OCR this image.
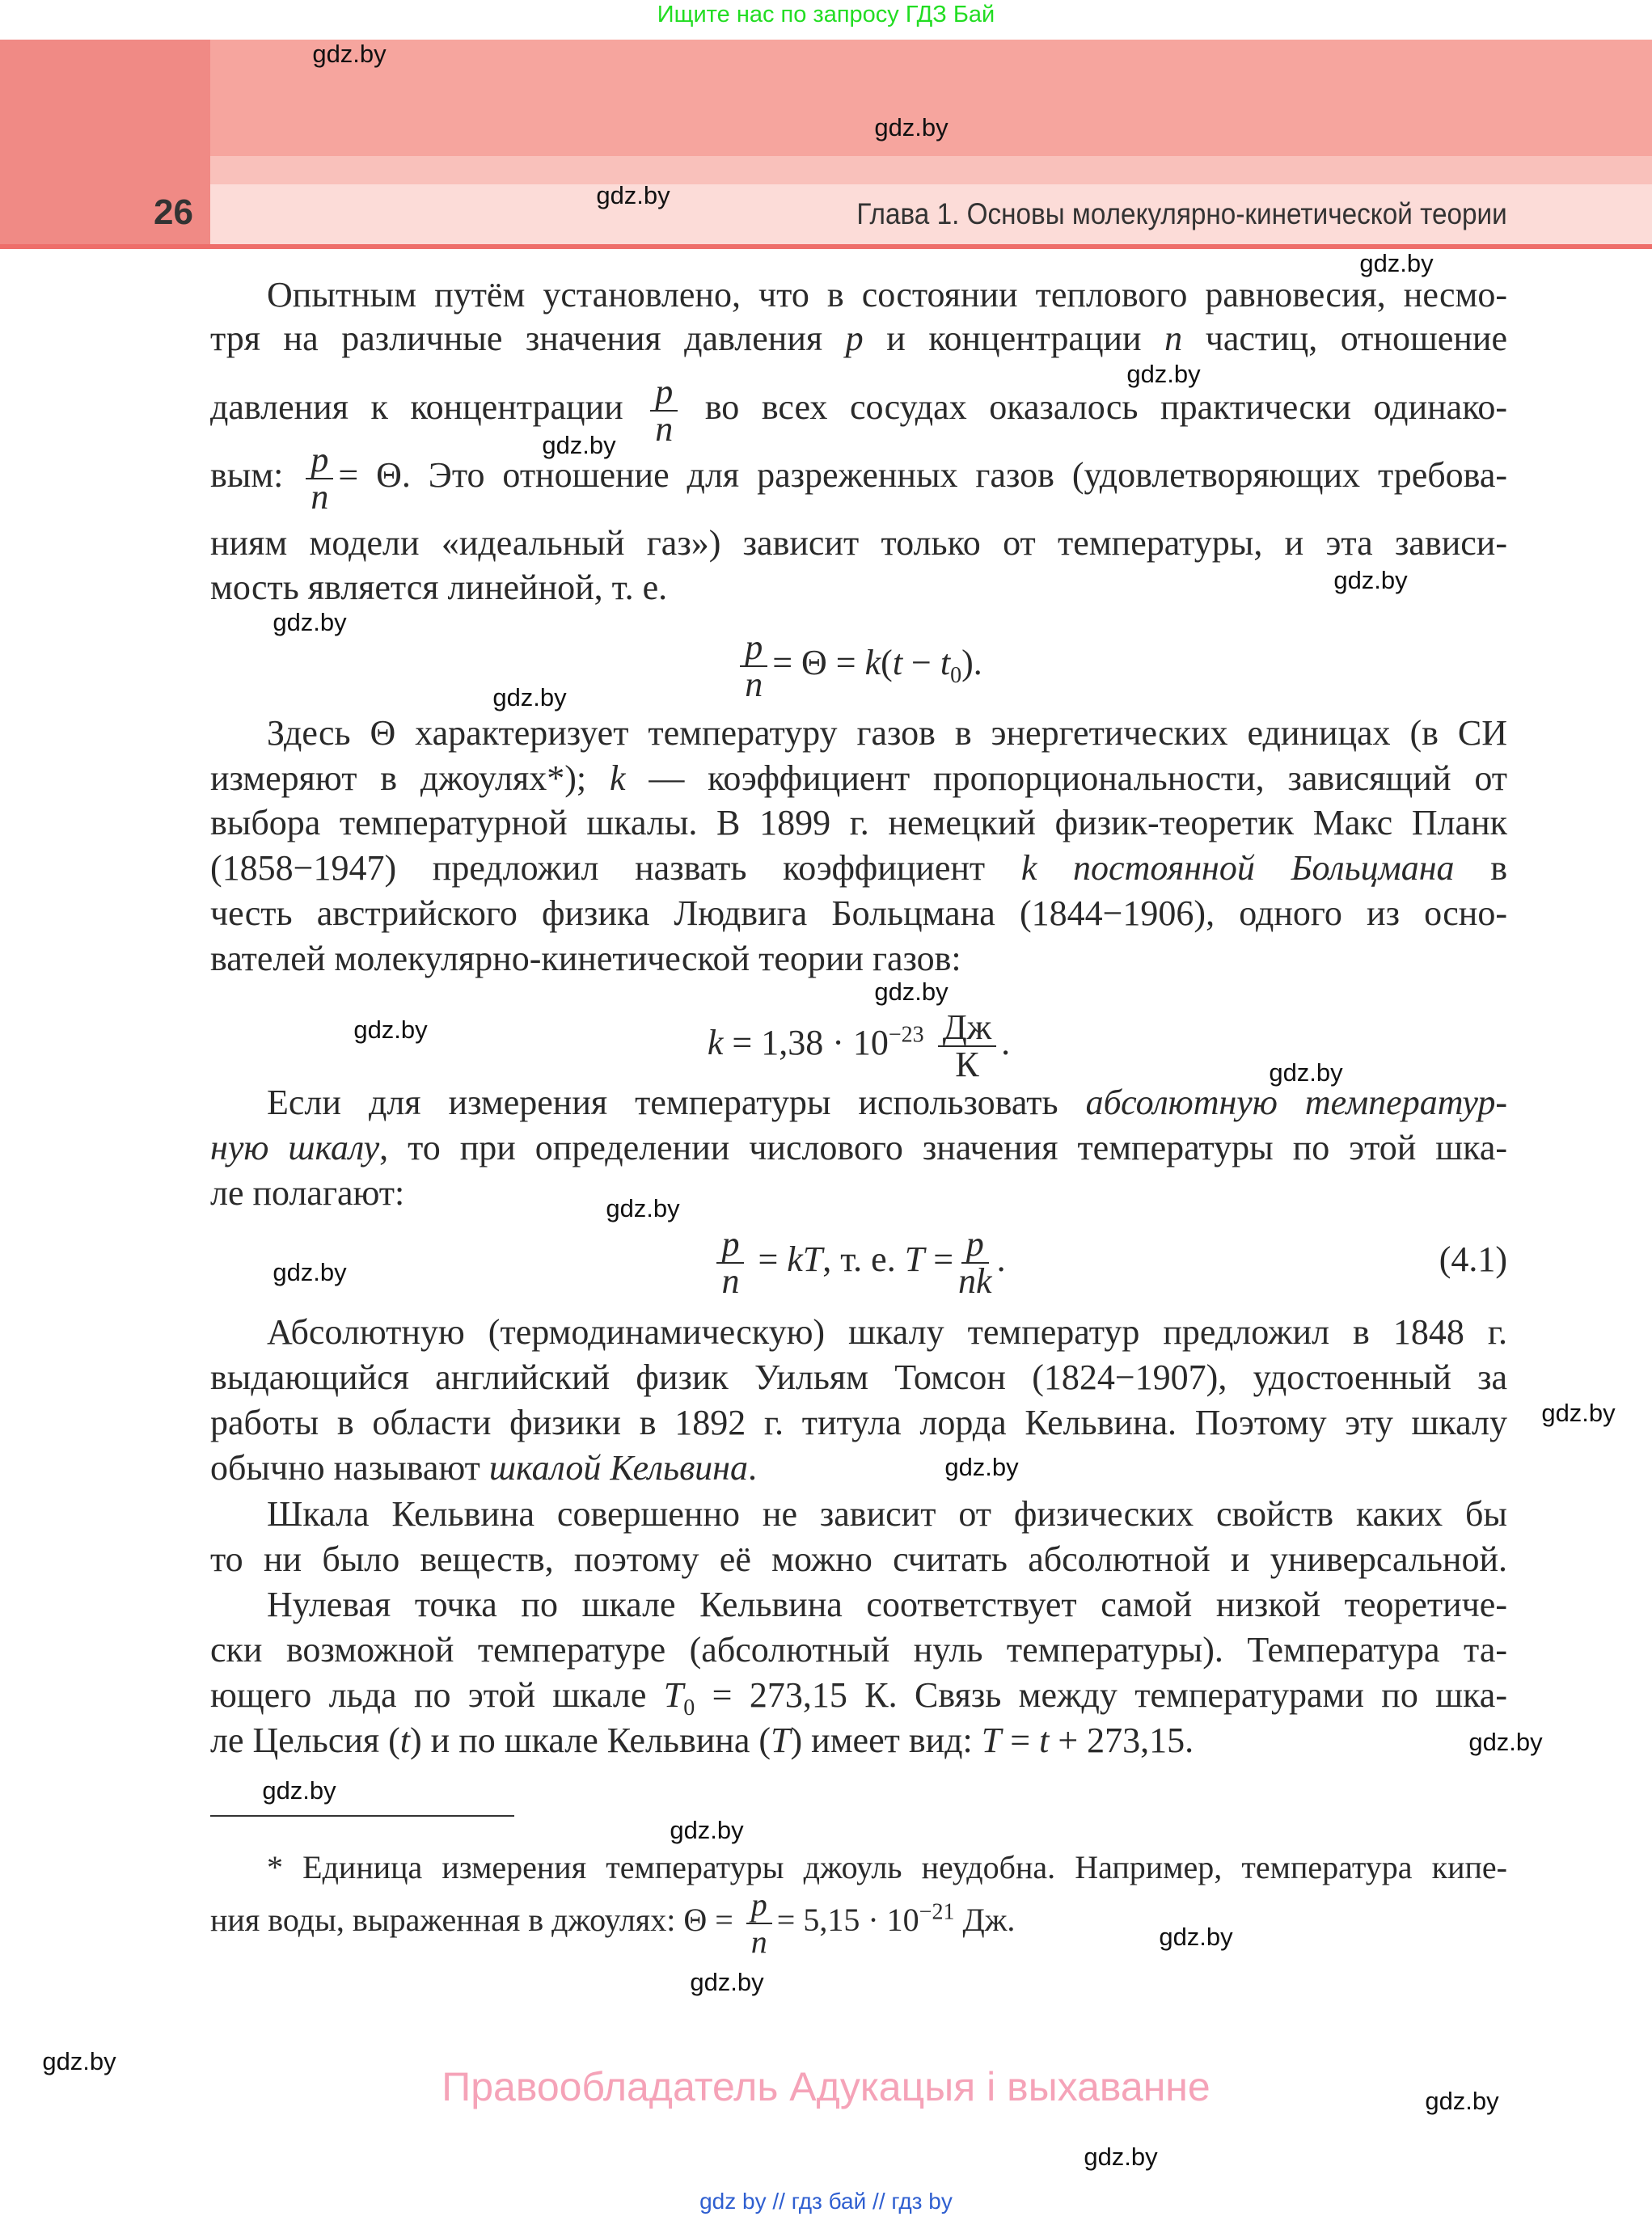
Ищите нас по запросу ГДЗ Бай
26	Глава 1. Основы молекулярно-кинетической теории
Опытным путём установлено, что в состоянии теплового равновесия, несмо-
тря на различные значения давления p и концентрации n частиц, отношение
давления к концентрации $\frac{p}{n}$ во всех сосудах оказалось практически одинако-
вым: $\frac{p}{n} = \Theta$. Это отношение для разреженных газов (удовлетворяющих требова-
ниям модели «идеальный газ») зависит только от температуры, и эта зависи-
мость является линейной, т. е.
$\frac{p}{n} = \Theta = k(t - t_0)$.
Здесь Θ характеризует температуру газов в энергетических единицах (в СИ
измеряют в джоулях*); k — коэффициент пропорциональности, зависящий от
выбора температурной шкалы. В 1899 г. немецкий физик-теоретик Макс Планк
(1858−1947) предложил назвать коэффициент k постоянной Больцмана в
честь австрийского физика Людвига Больцмана (1844−1906), одного из осно-
вателей молекулярно-кинетической теории газов:
$k = 1,38 \cdot 10^{-23} \frac{Дж}{К}$ .
Если для измерения температуры использовать абсолютную температур-
ную шкалу, то при определении числового значения температуры по этой шка-
ле полагают:
$\frac{p}{n}$ = kT, т. е. $T = \frac{p}{nk}$ .	(4.1)
Абсолютную (термодинамическую) шкалу температур предложил в 1848 г.
выдающийся английский физик Уильям Томсон (1824−1907), удостоенный за
работы в области физики в 1892 г. титула лорда Кельвина. Поэтому эту шкалу
обычно называют шкалой Кельвина.
Шкала Кельвина совершенно не зависит от физических свойств каких бы
то ни было веществ, поэтому её можно считать абсолютной и универсальной.
Нулевая точка по шкале Кельвина соответствует самой низкой теоретиче-
ски возможной температуре (абсолютный нуль температуры). Температура та-
ющего льда по этой шкале $T_0 = 273,15$ К. Связь между температурами по шка-
ле Цельсия (t) и по шкале Кельвина (T) имеет вид: T = t + 273,15.
* Единица измерения температуры джоуль неудобна. Например, температура кипе-
ния воды, выраженная в джоулях: $\Theta = \frac{p}{n} = 5,15 \cdot 10^{-21}$ Дж.
gdz.by
gdz.by
gdz.by
gdz.by
gdz.by
gdz.by
gdz.by
gdz.by
gdz.by
gdz.by
gdz.by
gdz.by
gdz.by
gdz.by
gdz.by
gdz.by
gdz.by
gdz.by
gdz.by
gdz.by
gdz.by
gdz.by
gdz.by
gdz.by
Правообладатель Адукацыя і выхаванне
gdz by // гдз бай // гдз by
